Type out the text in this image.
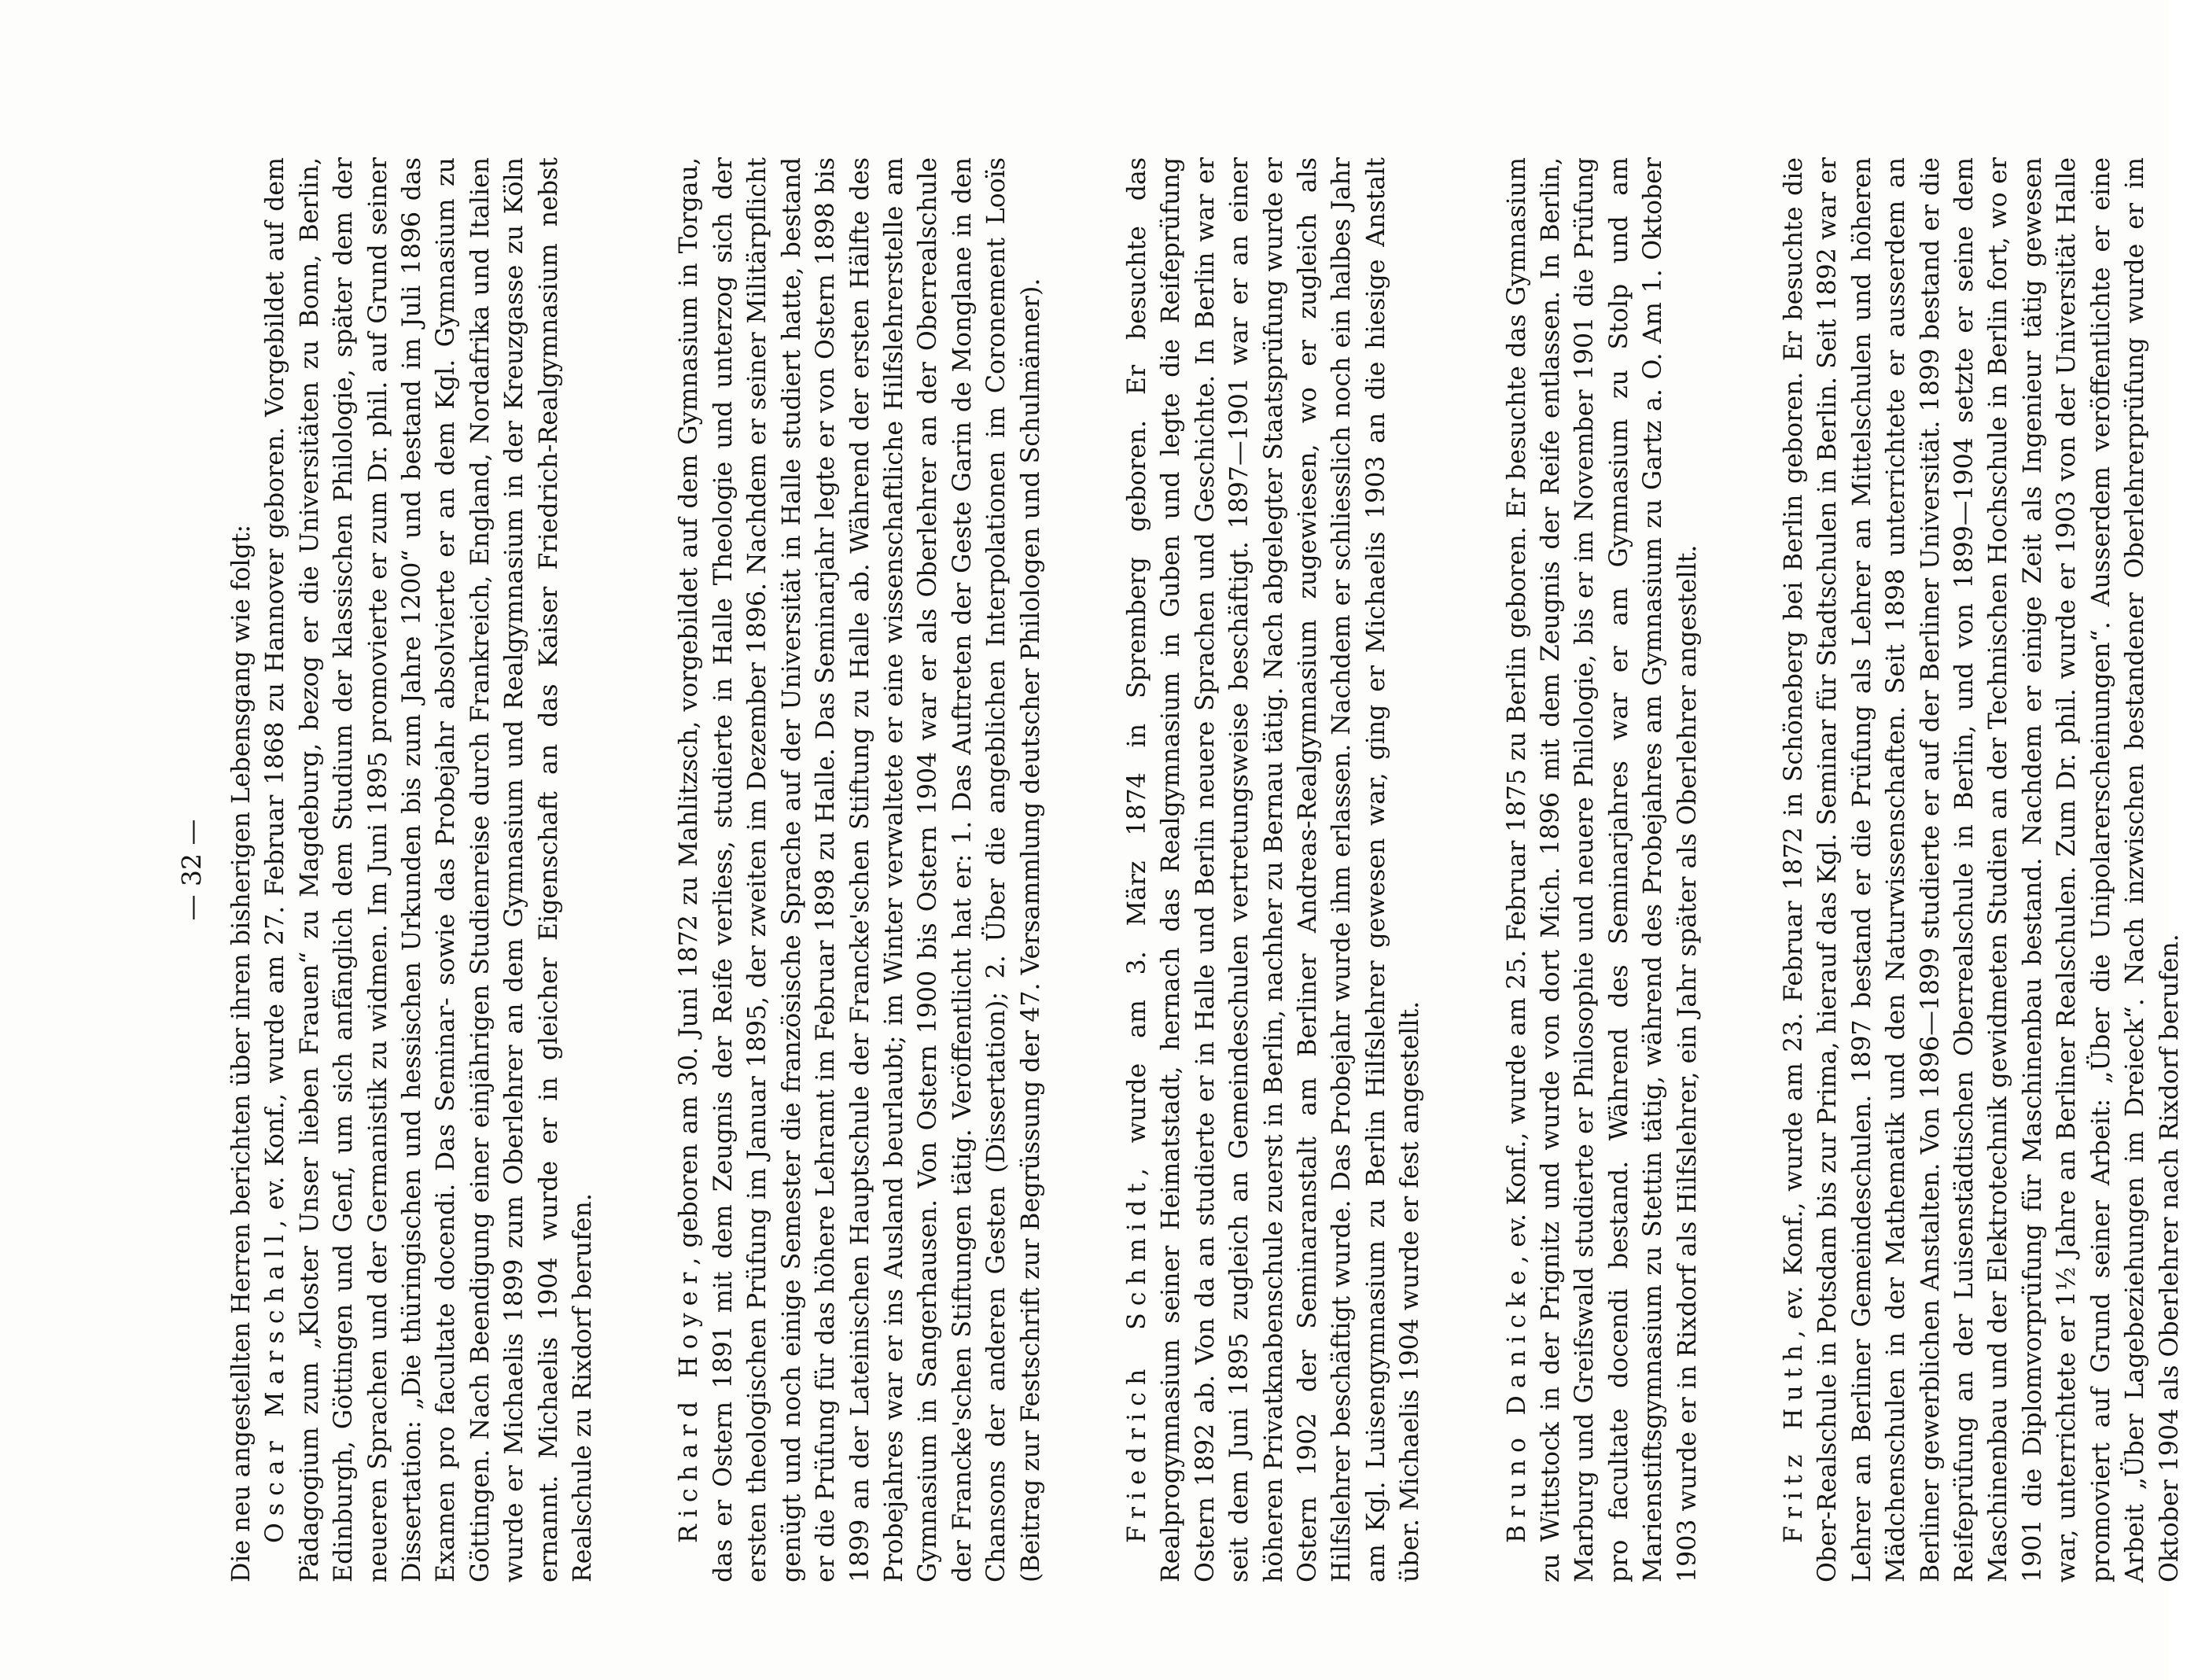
— 32 — Die neu angestellten Herren berichten über ihren bisherigen Lebensgang wie folgt: Oscar Marschall, ev. Konf., wurde am 27. Februar 1868 zu Hannover geboren. Vorgebildet auf dem Pädagogium zum „Kloster Unser lieben Frauen“ zu Magdeburg, bezog er die Universitäten zu Bonn, Berlin, Edinburgh, Göttingen und Genf, um sich anfänglich dem Studium der klassischen Philologie, später dem der neueren Sprachen und der Germanistik zu widmen. Im Juni 1895 promovierte er zum Dr. phil. auf Grund seiner Dissertation: „Die thüringischen und hessischen Urkunden bis zum Jahre 1200“ und bestand im Juli 1896 das Examen pro facultate docendi. Das Seminar- sowie das Probejahr absolvierte er an dem Kgl. Gymnasium zu Göttingen. Nach Beendigung einer einjährigen Studienreise durch Frankreich, England, Nordafrika und Italien wurde er Michaelis 1899 zum Oberlehrer an dem Gymnasium und Realgymnasium in der Kreuzgasse zu Köln ernannt. Michaelis 1904 wurde er in gleicher Eigenschaft an das Kaiser Friedrich-Realgymnasium nebst Realschule zu Rixdorf berufen.	Richard Hoyer, geboren am 30. Juni 1872 zu Mahlitzsch, vorgebildet auf dem Gymnasium in Torgau, das er Ostern 1891 mit dem Zeugnis der Reife verliess, studierte in Halle Theologie und unterzog sich der ersten theologischen Prüfung im Januar 1895, der zweiten im Dezember 1896. Nachdem er seiner Militärpflicht genügt und noch einige Semester die französische Sprache auf der Universität in Halle studiert hatte, bestand er die Prüfung für das höhere Lehramt im Februar 1898 zu Halle. Das Seminarjahr legte er von Ostern 1898 bis 1899 an der Lateinischen Hauptschule der Francke'schen Stiftung zu Halle ab. Während der ersten Hälfte des Probejahres war er ins Ausland beurlaubt; im Winter verwaltete er eine wissenschaftliche Hilfslehrerstelle am Gymnasium in Sangerhausen. Von Ostern 1900 bis Ostern 1904 war er als Oberlehrer an der Oberrealschule der Francke'schen Stiftungen tätig. Veröffentlicht hat er: 1. Das Auftreten der Geste Garin de Monglane in den Chansons der anderen Gesten (Dissertation); 2. Über die angeblichen Interpolationen im Coronement Looïs (Beitrag zur Festschrift zur Begrüssung der 47. Versammlung deutscher Philologen und Schulmänner).	Friedrich Schmidt, wurde am 3. März 1874 in Spremberg geboren. Er besuchte das Realprogymnasium seiner Heimatstadt, hernach das Realgymnasium in Guben und legte die Reifeprüfung Ostern 1892 ab. Von da an studierte er in Halle und Berlin neuere Sprachen und Geschichte. In Berlin war er seit dem Juni 1895 zugleich an Gemeindeschulen vertretungsweise beschäftigt. 1897—1901 war er an einer höheren Privatknabenschule zuerst in Berlin, nachher zu Bernau tätig. Nach abgelegter Staatsprüfung wurde er Ostern 1902 der Seminaranstalt am Berliner Andreas-Realgymnasium zugewiesen, wo er zugleich als Hilfslehrer beschäftigt wurde. Das Probejahr wurde ihm erlassen. Nachdem er schliesslich noch ein halbes Jahr am Kgl. Luisengymnasium zu Berlin Hilfslehrer gewesen war, ging er Michaelis 1903 an die hiesige Anstalt über. Michaelis 1904 wurde er fest angestellt.	Bruno Danicke, ev. Konf., wurde am 25. Februar 1875 zu Berlin geboren. Er besuchte das Gymnasium zu Wittstock in der Prignitz und wurde von dort Mich. 1896 mit dem Zeugnis der Reife entlassen. In Berlin, Marburg und Greifswald studierte er Philosophie und neuere Philologie, bis er im November 1901 die Prüfung pro facultate docendi bestand. Während des Seminarjahres war er am Gymnasium zu Stolp und am Marienstiftsgymnasium zu Stettin tätig, während des Probejahres am Gymnasium zu Gartz a. O. Am 1. Oktober 1903 wurde er in Rixdorf als Hilfslehrer, ein Jahr später als Oberlehrer angestellt.	Fritz Huth, ev. Konf., wurde am 23. Februar 1872 in Schöneberg bei Berlin geboren. Er besuchte die Ober-Realschule in Potsdam bis zur Prima, hierauf das Kgl. Seminar für Stadtschulen in Berlin. Seit 1892 war er Lehrer an Berliner Gemeindeschulen. 1897 bestand er die Prüfung als Lehrer an Mittelschulen und höheren Mädchenschulen in der Mathematik und den Naturwissenschaften. Seit 1898 unterrichtete er ausserdem an Berliner gewerblichen Anstalten. Von 1896—1899 studierte er auf der Berliner Universität. 1899 bestand er die Reifeprüfung an der Luisenstädtischen Oberrealschule in Berlin, und von 1899—1904 setzte er seine dem Maschinenbau und der Elektrotechnik gewidmeten Studien an der Technischen Hochschule in Berlin fort, wo er 1901 die Diplomvorprüfung für Maschinenbau bestand. Nachdem er einige Zeit als Ingenieur tätig gewesen war, unterrichtete er 1½ Jahre an Berliner Realschulen. Zum Dr. phil. wurde er 1903 von der Universität Halle promoviert auf Grund seiner Arbeit: „Über die Unipolarerscheinungen“. Ausserdem veröffentlichte er eine Arbeit „Über Lagebeziehungen im Dreieck“. Nach inzwischen bestandener Oberlehrerprüfung wurde er im Oktober 1904 als Oberlehrer nach Rixdorf berufen.
